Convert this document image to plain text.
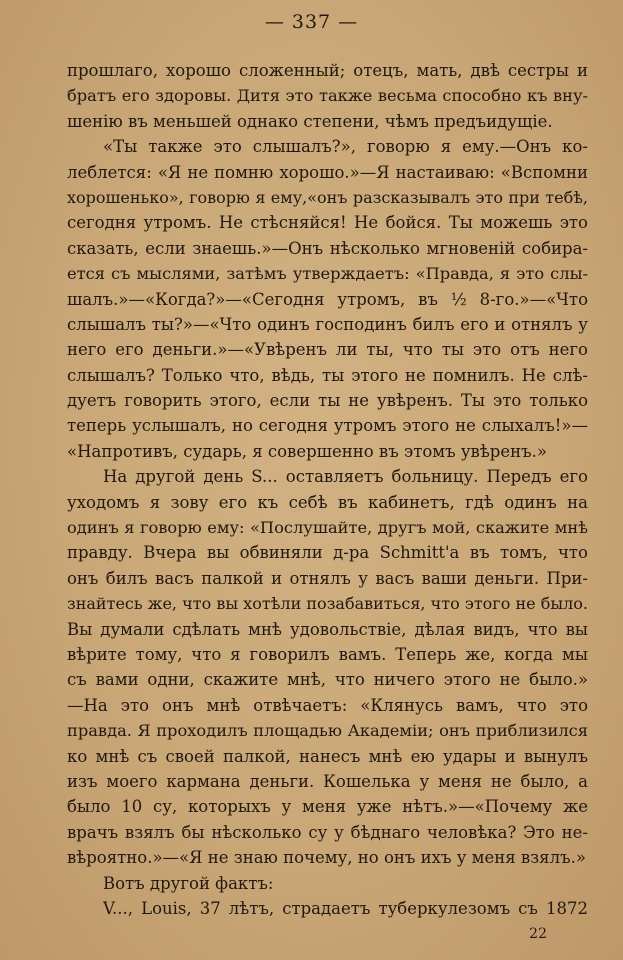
— 337 —
прошлаго, хорошо сложенный; отецъ, мать, двѣ сестры и
братъ его здоровы. Дитя это также весьма способно къ вну-
шенію въ меньшей однако степени, чѣмъ предъидущіе.
«Ты также это слышалъ?», говорю я ему.—Онъ ко-
леблется: «Я не помню хорошо.»—Я настаиваю: «Вспомни
хорошенько», говорю я ему,«онъ разсказывалъ это при тебѣ,
сегодня утромъ. Не стѣсняйся! Не бойся. Ты можешь это
сказать, если знаешь.»—Онъ нѣсколько мгновеній собира-
ется съ мыслями, затѣмъ утверждаетъ: «Правда, я это слы-
шалъ.»—«Когда?»—«Сегодня утромъ, въ ½ 8-го.»—«Что
слышалъ ты?»—«Что одинъ господинъ билъ его и отнялъ у
него его деньги.»—«Увѣренъ ли ты, что ты это отъ него
слышалъ? Только что, вѣдь, ты этого не помнилъ. Не слѣ-
дуетъ говорить этого, если ты не увѣренъ. Ты это только
теперь услышалъ, но сегодня утромъ этого не слыхалъ!»—
«Напротивъ, сударь, я совершенно въ этомъ увѣренъ.»
На другой день S... оставляетъ больницу. Передъ его
уходомъ я зову его къ себѣ въ кабинетъ, гдѣ одинъ на
одинъ я говорю ему: «Послушайте, другъ мой, скажите мнѣ
правду. Вчера вы обвиняли д-ра Schmitt'а въ томъ, что
онъ билъ васъ палкой и отнялъ у васъ ваши деньги. При-
знайтесь же, что вы хотѣли позабавиться, что этого не было.
Вы думали сдѣлать мнѣ удовольствіе, дѣлая видъ, что вы
вѣрите тому, что я говорилъ вамъ. Теперь же, когда мы
съ вами одни, скажите мнѣ, что ничего этого не было.»
—На это онъ мнѣ отвѣчаетъ: «Клянусь вамъ, что это
правда. Я проходилъ площадью Академіи; онъ приблизился
ко мнѣ съ своей палкой, нанесъ мнѣ ею удары и вынулъ
изъ моего кармана деньги. Кошелька у меня не было, а
было 10 су, которыхъ у меня уже нѣтъ.»—«Почему же
врачъ взялъ бы нѣсколько су у бѣднаго человѣка? Это не-
вѣроятно.»—«Я не знаю почему, но онъ ихъ у меня взялъ.»
Вотъ другой фактъ:
V..., Louis, 37 лѣтъ, страдаетъ туберкулезомъ съ 1872
22
